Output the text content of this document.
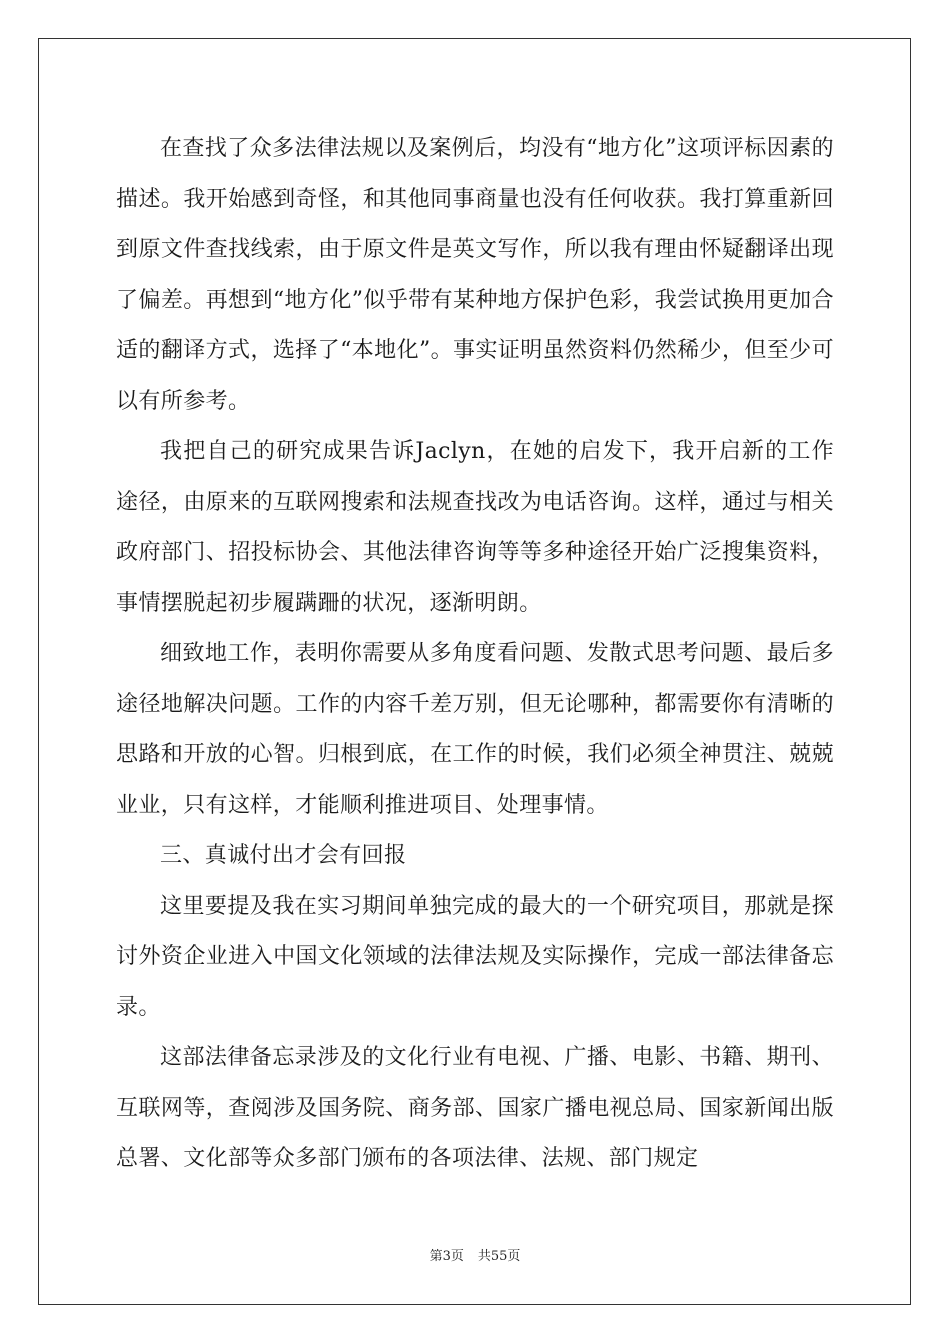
在查找了众多法律法规以及案例后，均没有“地方化”这项评标因素的描述。我开始感到奇怪，和其他同事商量也没有任何收获。我打算重新回到原文件查找线索，由于原文件是英文写作，所以我有理由怀疑翻译出现了偏差。再想到“地方化”似乎带有某种地方保护色彩，我尝试换用更加合适的翻译方式，选择了“本地化”。事实证明虽然资料仍然稀少，但至少可以有所参考。

我把自己的研究成果告诉Jaclyn，在她的启发下，我开启新的工作途径，由原来的互联网搜索和法规查找改为电话咨询。这样，通过与相关政府部门、招投标协会、其他法律咨询等等多种途径开始广泛搜集资料，事情摆脱起初步履蹒跚的状况，逐渐明朗。

细致地工作，表明你需要从多角度看问题、发散式思考问题、最后多途径地解决问题。工作的内容千差万别，但无论哪种，都需要你有清晰的思路和开放的心智。归根到底，在工作的时候，我们必须全神贯注、兢兢业业，只有这样，才能顺利推进项目、处理事情。

三、真诚付出才会有回报

这里要提及我在实习期间单独完成的最大的一个研究项目，那就是探讨外资企业进入中国文化领域的法律法规及实际操作，完成一部法律备忘录。

这部法律备忘录涉及的文化行业有电视、广播、电影、书籍、期刊、互联网等，查阅涉及国务院、商务部、国家广播电视总局、国家新闻出版总署、文化部等众多部门颁布的各项法律、法规、部门规定

第3页 共55页
